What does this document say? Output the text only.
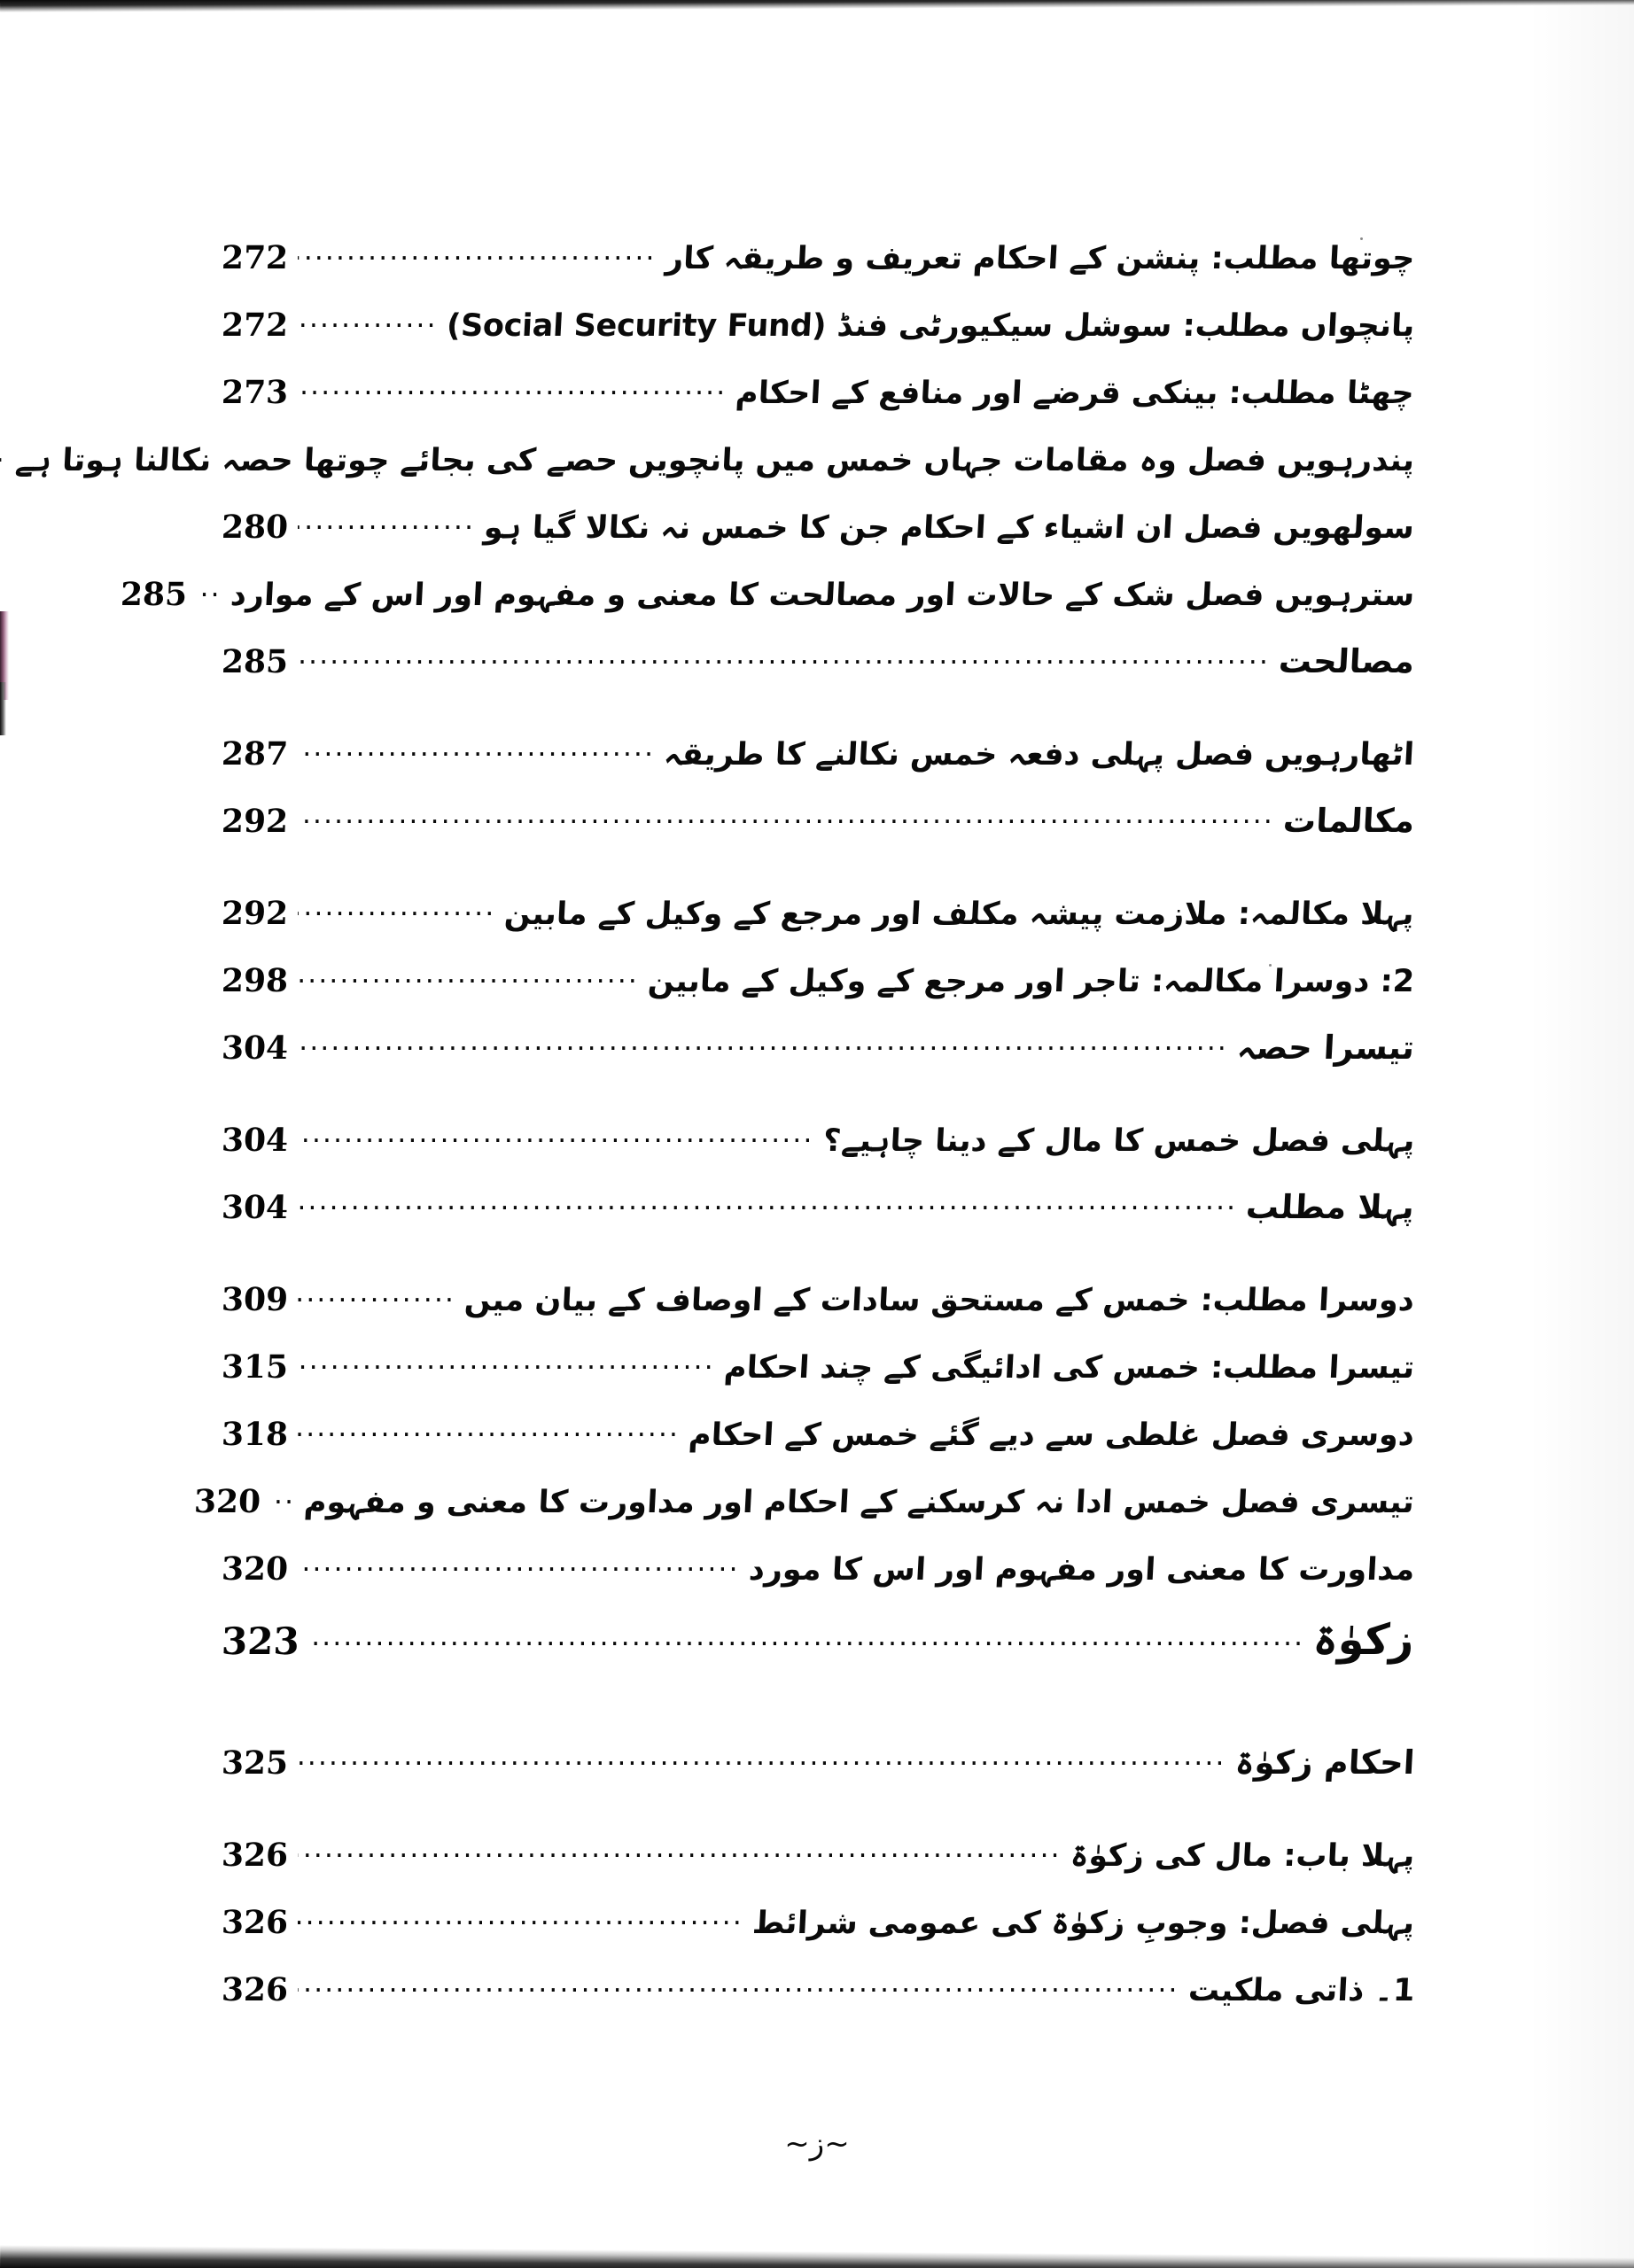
چوتھا مطلب: پنشن کے احکام تعریف و طریقہ کار
.....
272
پانچواں مطلب: سوشل سیکیورٹی فنڈ (Social Security Fund)
.....
272
چھٹا مطلب: بینکی قرضے اور منافع کے احکام
.....
273
پندرہویں فصل وہ مقامات جہاں خمس میں پانچویں حصے کی بجائے چوتھا حصہ نکالنا ہوتا ہے
.....
سولھویں فصل ان اشیاء کے احکام جن کا خمس نہ نکالا گیا ہو
.....
280
سترہویں فصل شک کے حالات اور مصالحت کا معنی و مفہوم اور اس کے موارد
.....
285
مصالحت
.....
285
اٹھارہویں فصل پہلی دفعہ خمس نکالنے کا طریقہ
.....
287
مکالمات
.....
292
پہلا مکالمہ: ملازمت پیشہ مکلف اور مرجع کے وکیل کے مابین
.....
292
2: دوسرا مکالمہ: تاجر اور مرجع کے وکیل کے مابین
.....
298
تیسرا حصہ
.....
304
پہلی فصل خمس کا مال کے دینا چاہیے؟
.....
304
پہلا مطلب
.....
304
دوسرا مطلب: خمس کے مستحق سادات کے اوصاف کے بیان میں
.....
309
تیسرا مطلب: خمس کی ادائیگی کے چند احکام
.....
315
دوسری فصل غلطی سے دیے گئے خمس کے احکام
.....
318
تیسری فصل خمس ادا نہ کرسکنے کے احکام اور مداورت کا معنی و مفہوم
.....
320
مداورت کا معنی اور مفہوم اور اس کا مورد
.....
320
زکوٰۃ
.....
323
احکام زکوٰۃ
.....
325
پہلا باب: مال کی زکوٰۃ
.....
326
پہلی فصل: وجوبِ زکوٰۃ کی عمومی شرائط
.....
326
1۔ ذاتی ملکیت
.....
326
~ز~
